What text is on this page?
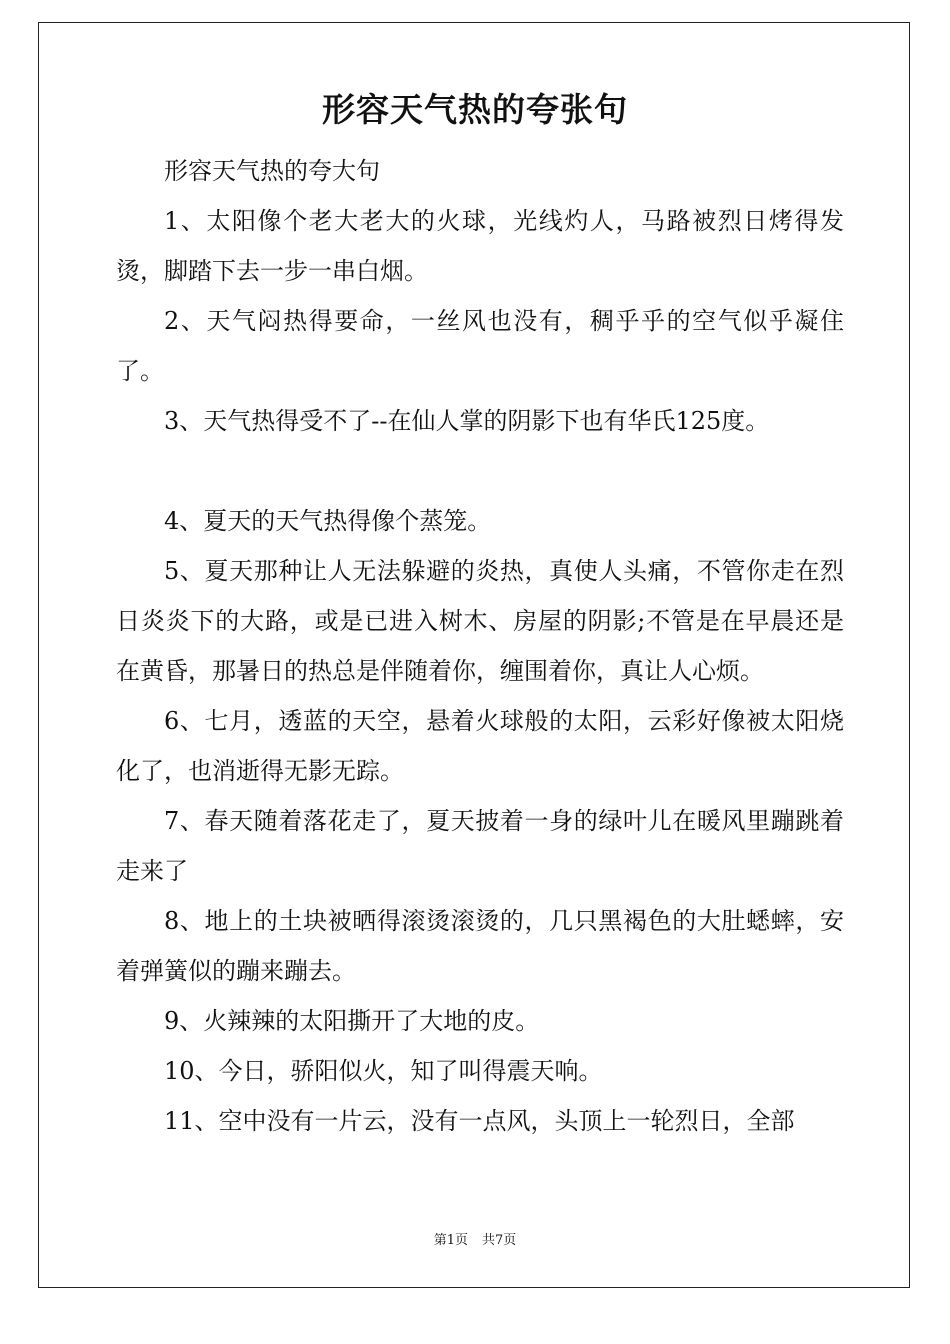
形容天气热的夸张句

形容天气热的夸大句

1、太阳像个老大老大的火球，光线灼人，马路被烈日烤得发烫，脚踏下去一步一串白烟。

2、天气闷热得要命，一丝风也没有，稠乎乎的空气似乎凝住了。

3、天气热得受不了--在仙人掌的阴影下也有华氏125度。

4、夏天的天气热得像个蒸笼。

5、夏天那种让人无法躲避的炎热，真使人头痛，不管你走在烈日炎炎下的大路，或是已进入树木、房屋的阴影;不管是在早晨还是在黄昏，那暑日的热总是伴随着你，缠围着你，真让人心烦。

6、七月，透蓝的天空，悬着火球般的太阳，云彩好像被太阳烧化了，也消逝得无影无踪。

7、春天随着落花走了，夏天披着一身的绿叶儿在暖风里蹦跳着走来了

8、地上的土块被晒得滚烫滚烫的，几只黑褐色的大肚蟋蟀，安着弹簧似的蹦来蹦去。

9、火辣辣的太阳撕开了大地的皮。

10、今日，骄阳似火，知了叫得震天响。

11、空中没有一片云，没有一点风，头顶上一轮烈日，全部

第1页 共7页
